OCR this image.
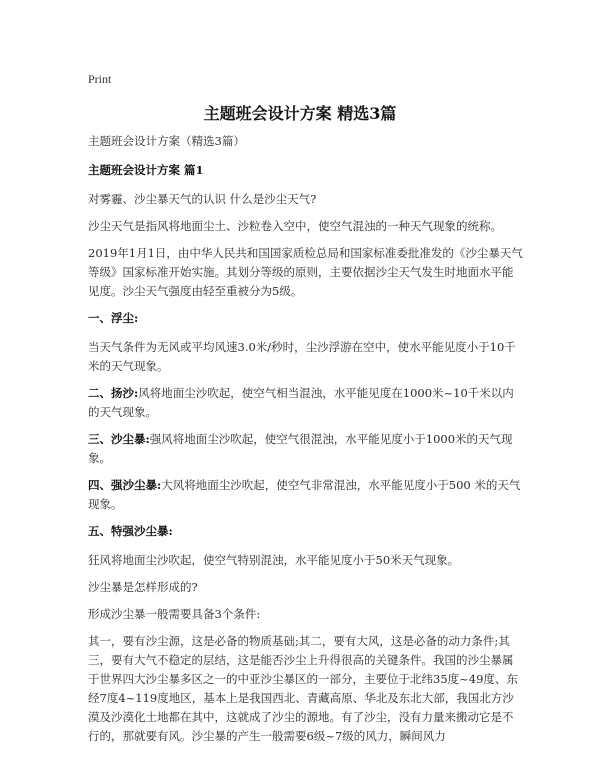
Print
主题班会设计方案 精选3篇

主题班会设计方案（精选3篇）

主题班会设计方案 篇1

对雾霾、沙尘暴天气的认识 什么是沙尘天气?

沙尘天气是指风将地面尘土、沙粒卷入空中，使空气混浊的一种天气现象的统称。

2019年1月1日，由中华人民共和国国家质检总局和国家标准委批准发的《沙尘暴天气等级》国家标准开始实施。其划分等级的原则，主要依据沙尘天气发生时地面水平能见度。沙尘天气强度由轻至重被分为5级。

一、浮尘:

当天气条件为无风或平均风速3.0米/秒时，尘沙浮游在空中，使水平能见度小于10千米的天气现象。

二、扬沙:风将地面尘沙吹起，使空气相当混浊，水平能见度在1000米~10千米以内的天气现象。

三、沙尘暴:强风将地面尘沙吹起，使空气很混浊，水平能见度小于1000米的天气现象。

四、强沙尘暴:大风将地面尘沙吹起，使空气非常混浊，水平能见度小于500 米的天气现象。

五、特强沙尘暴:

狂风将地面尘沙吹起，使空气特别混浊，水平能见度小于50米天气现象。

沙尘暴是怎样形成的?

形成沙尘暴一般需要具备3个条件:

其一，要有沙尘源，这是必备的物质基础;其二，要有大风，这是必备的动力条件;其三，要有大气不稳定的层结，这是能否沙尘上升得很高的关键条件。我国的沙尘暴属于世界四大沙尘暴多区之一的中亚沙尘暴区的一部分，主要位于北纬35度~49度、东经7度4~119度地区，基本上是我国西北、青藏高原、华北及东北大部，我国北方沙漠及沙漠化土地都在其中，这就成了沙尘的源地。有了沙尘，没有力量来搬动它是不行的，那就要有风。沙尘暴的产生一般需要6级~7级的风力，瞬间风力
